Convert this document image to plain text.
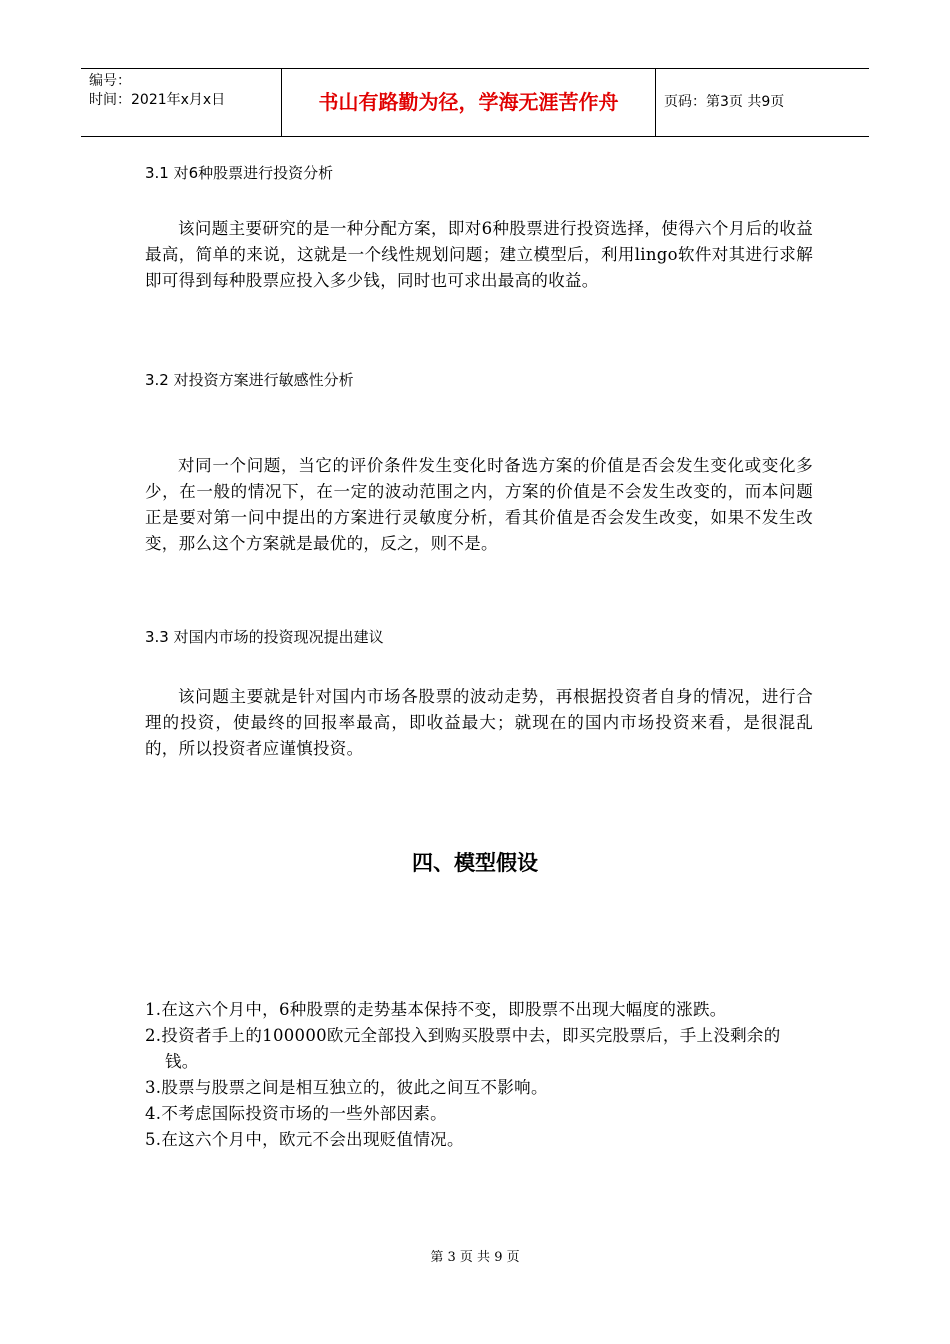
编号：
时间：2021年x月x日	书山有路勤为径，学海无涯苦作舟	页码：第3页 共9页
3.1 对6种股票进行投资分析

该问题主要研究的是一种分配方案，即对6种股票进行投资选择，使得六个月后的收益最高，简单的来说，这就是一个线性规划问题；建立模型后，利用lingo软件对其进行求解即可得到每种股票应投入多少钱，同时也可求出最高的收益。

3.2 对投资方案进行敏感性分析

对同一个问题，当它的评价条件发生变化时备选方案的价值是否会发生变化或变化多少，在一般的情况下，在一定的波动范围之内，方案的价值是不会发生改变的，而本问题正是要对第一问中提出的方案进行灵敏度分析，看其价值是否会发生改变，如果不发生改变，那么这个方案就是最优的，反之，则不是。

3.3 对国内市场的投资现况提出建议

该问题主要就是针对国内市场各股票的波动走势，再根据投资者自身的情况，进行合理的投资，使最终的回报率最高，即收益最大；就现在的国内市场投资来看，是很混乱的，所以投资者应谨慎投资。

四、模型假设
1.在这六个月中，6种股票的走势基本保持不变，即股票不出现大幅度的涨跌。
2.投资者手上的100000欧元全部投入到购买股票中去，即买完股票后，手上没剩余的钱。
3.股票与股票之间是相互独立的，彼此之间互不影响。
4.不考虑国际投资市场的一些外部因素。
5.在这六个月中，欧元不会出现贬值情况。
第 3 页 共 9 页
